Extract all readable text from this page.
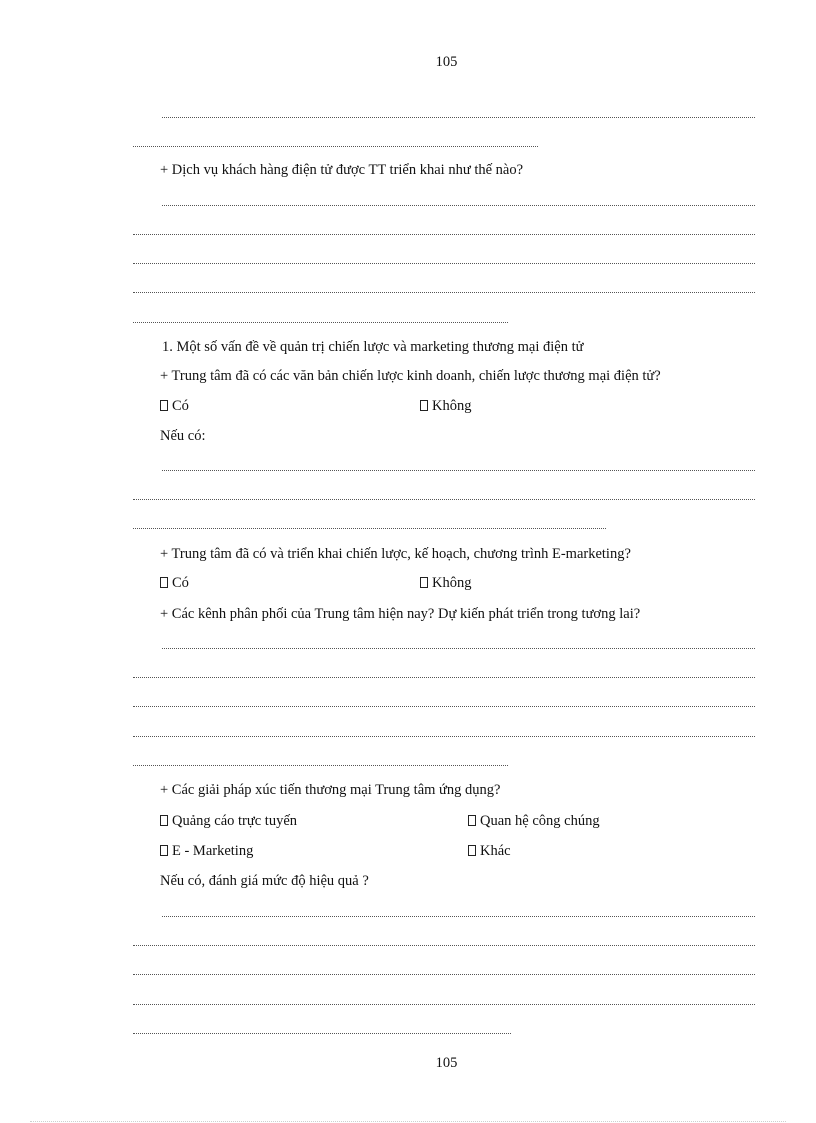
105
+ Dịch vụ khách hàng điện tử được TT triển khai như thế nào?
1. Một số vấn đề về quản trị chiến lược và marketing thương mại điện tử
+ Trung tâm đã có các văn bản chiến lược kinh doanh, chiến lược thương mại điện tử?
Có	Không
Nếu có:
+ Trung tâm đã có và triển khai chiến lược, kế hoạch, chương trình E-marketing?
Có	Không
+ Các kênh phân phối của Trung tâm hiện nay? Dự kiến phát triển trong tương lai?
+ Các giải pháp xúc tiến thương mại Trung tâm ứng dụng?
Quảng cáo trực tuyến	Quan hệ công chúng
E - Marketing	Khác
Nếu có, đánh giá mức độ hiệu quả ?
105
